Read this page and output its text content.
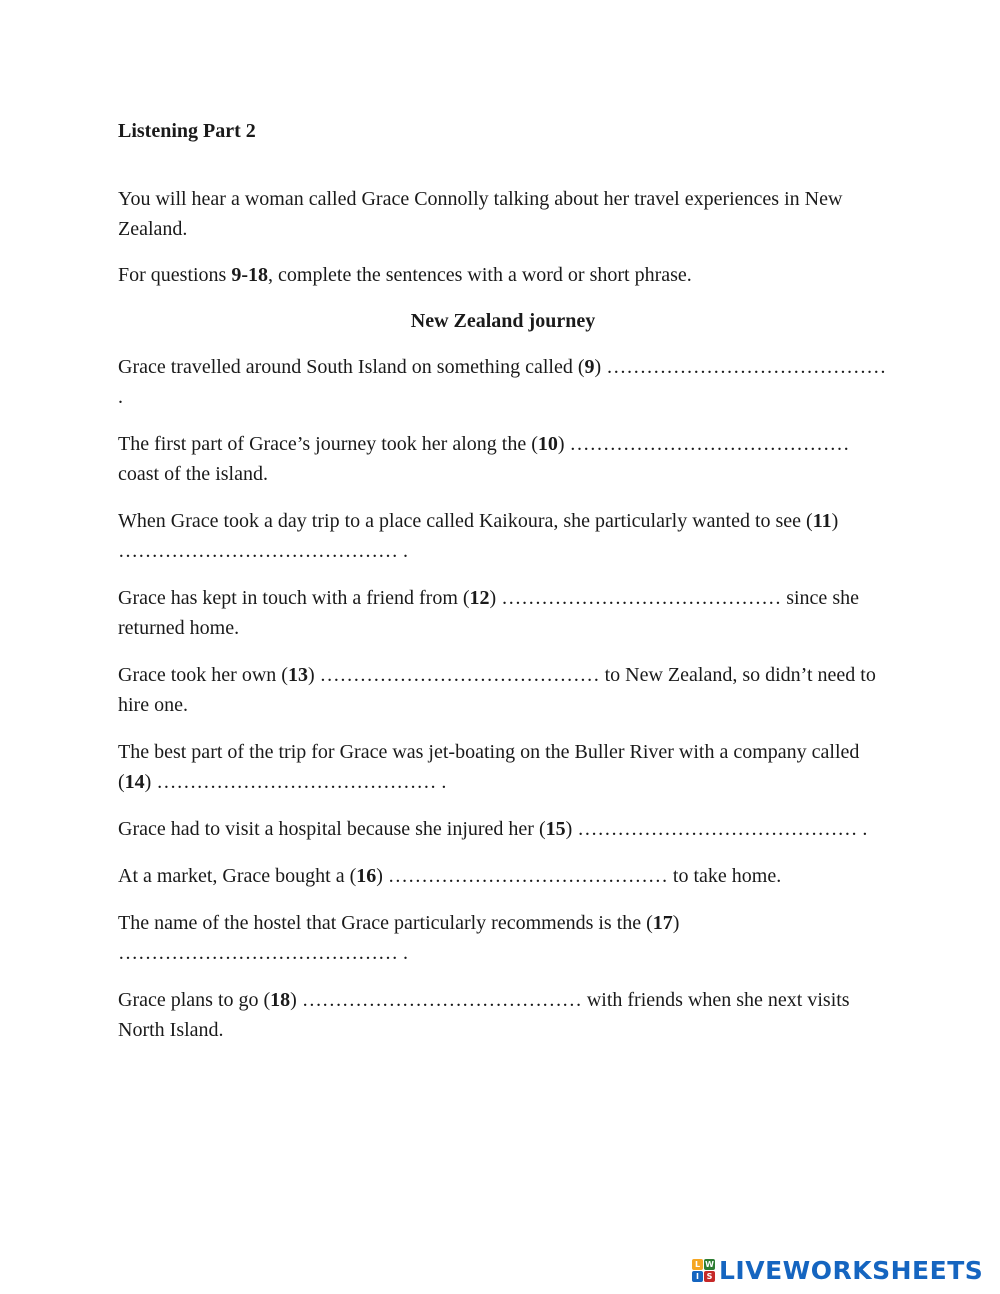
Listening Part 2

You will hear a woman called Grace Connolly talking about her travel experiences in New Zealand.

For questions 9-18, complete the sentences with a word or short phrase.

New Zealand journey

Grace travelled around South Island on something called (9) …………………………………… .

The first part of Grace’s journey took her along the (10) …………………………………… coast of the island.

When Grace took a day trip to a place called Kaikoura, she particularly wanted to see (11) …………………………………… .

Grace has kept in touch with a friend from (12) …………………………………… since she returned home.

Grace took her own (13) …………………………………… to New Zealand, so didn’t need to hire one.

The best part of the trip for Grace was jet-boating on the Buller River with a company called (14) …………………………………… .

Grace had to visit a hospital because she injured her (15) …………………………………… .

At a market, Grace bought a (16) …………………………………… to take home.

The name of the hostel that Grace particularly recommends is the (17) …………………………………… .

Grace plans to go (18) …………………………………… with friends when she next visits North Island.

L W
I S LIVEWORKSHEETS
